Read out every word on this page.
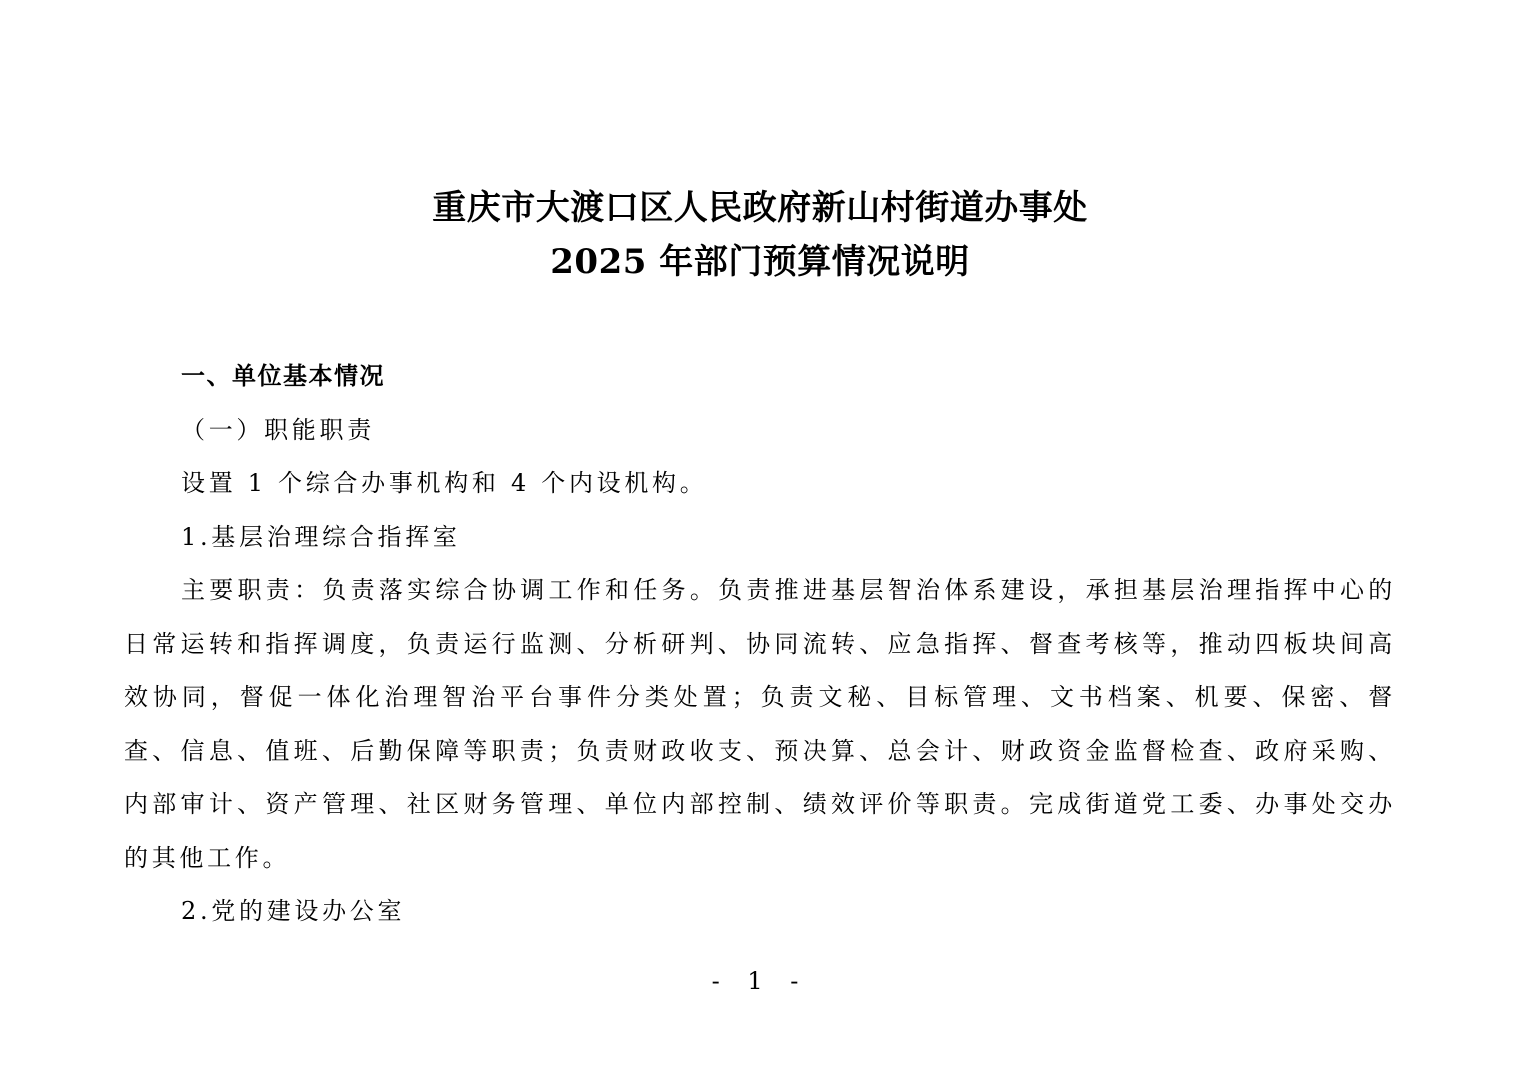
重庆市大渡口区人民政府新山村街道办事处
2025 年部门预算情况说明

一、单位基本情况

（一）职能职责

设置 1 个综合办事机构和 4 个内设机构。

1.基层治理综合指挥室

主要职责：负责落实综合协调工作和任务。负责推进基层智治体系建设，承担基层治理指挥中心的日常运转和指挥调度，负责运行监测、分析研判、协同流转、应急指挥、督查考核等，推动四板块间高效协同，督促一体化治理智治平台事件分类处置；负责文秘、目标管理、文书档案、机要、保密、督查、信息、值班、后勤保障等职责；负责财政收支、预决算、总会计、财政资金监督检查、政府采购、内部审计、资产管理、社区财务管理、单位内部控制、绩效评价等职责。完成街道党工委、办事处交办的其他工作。

2.党的建设办公室

- 1 -
